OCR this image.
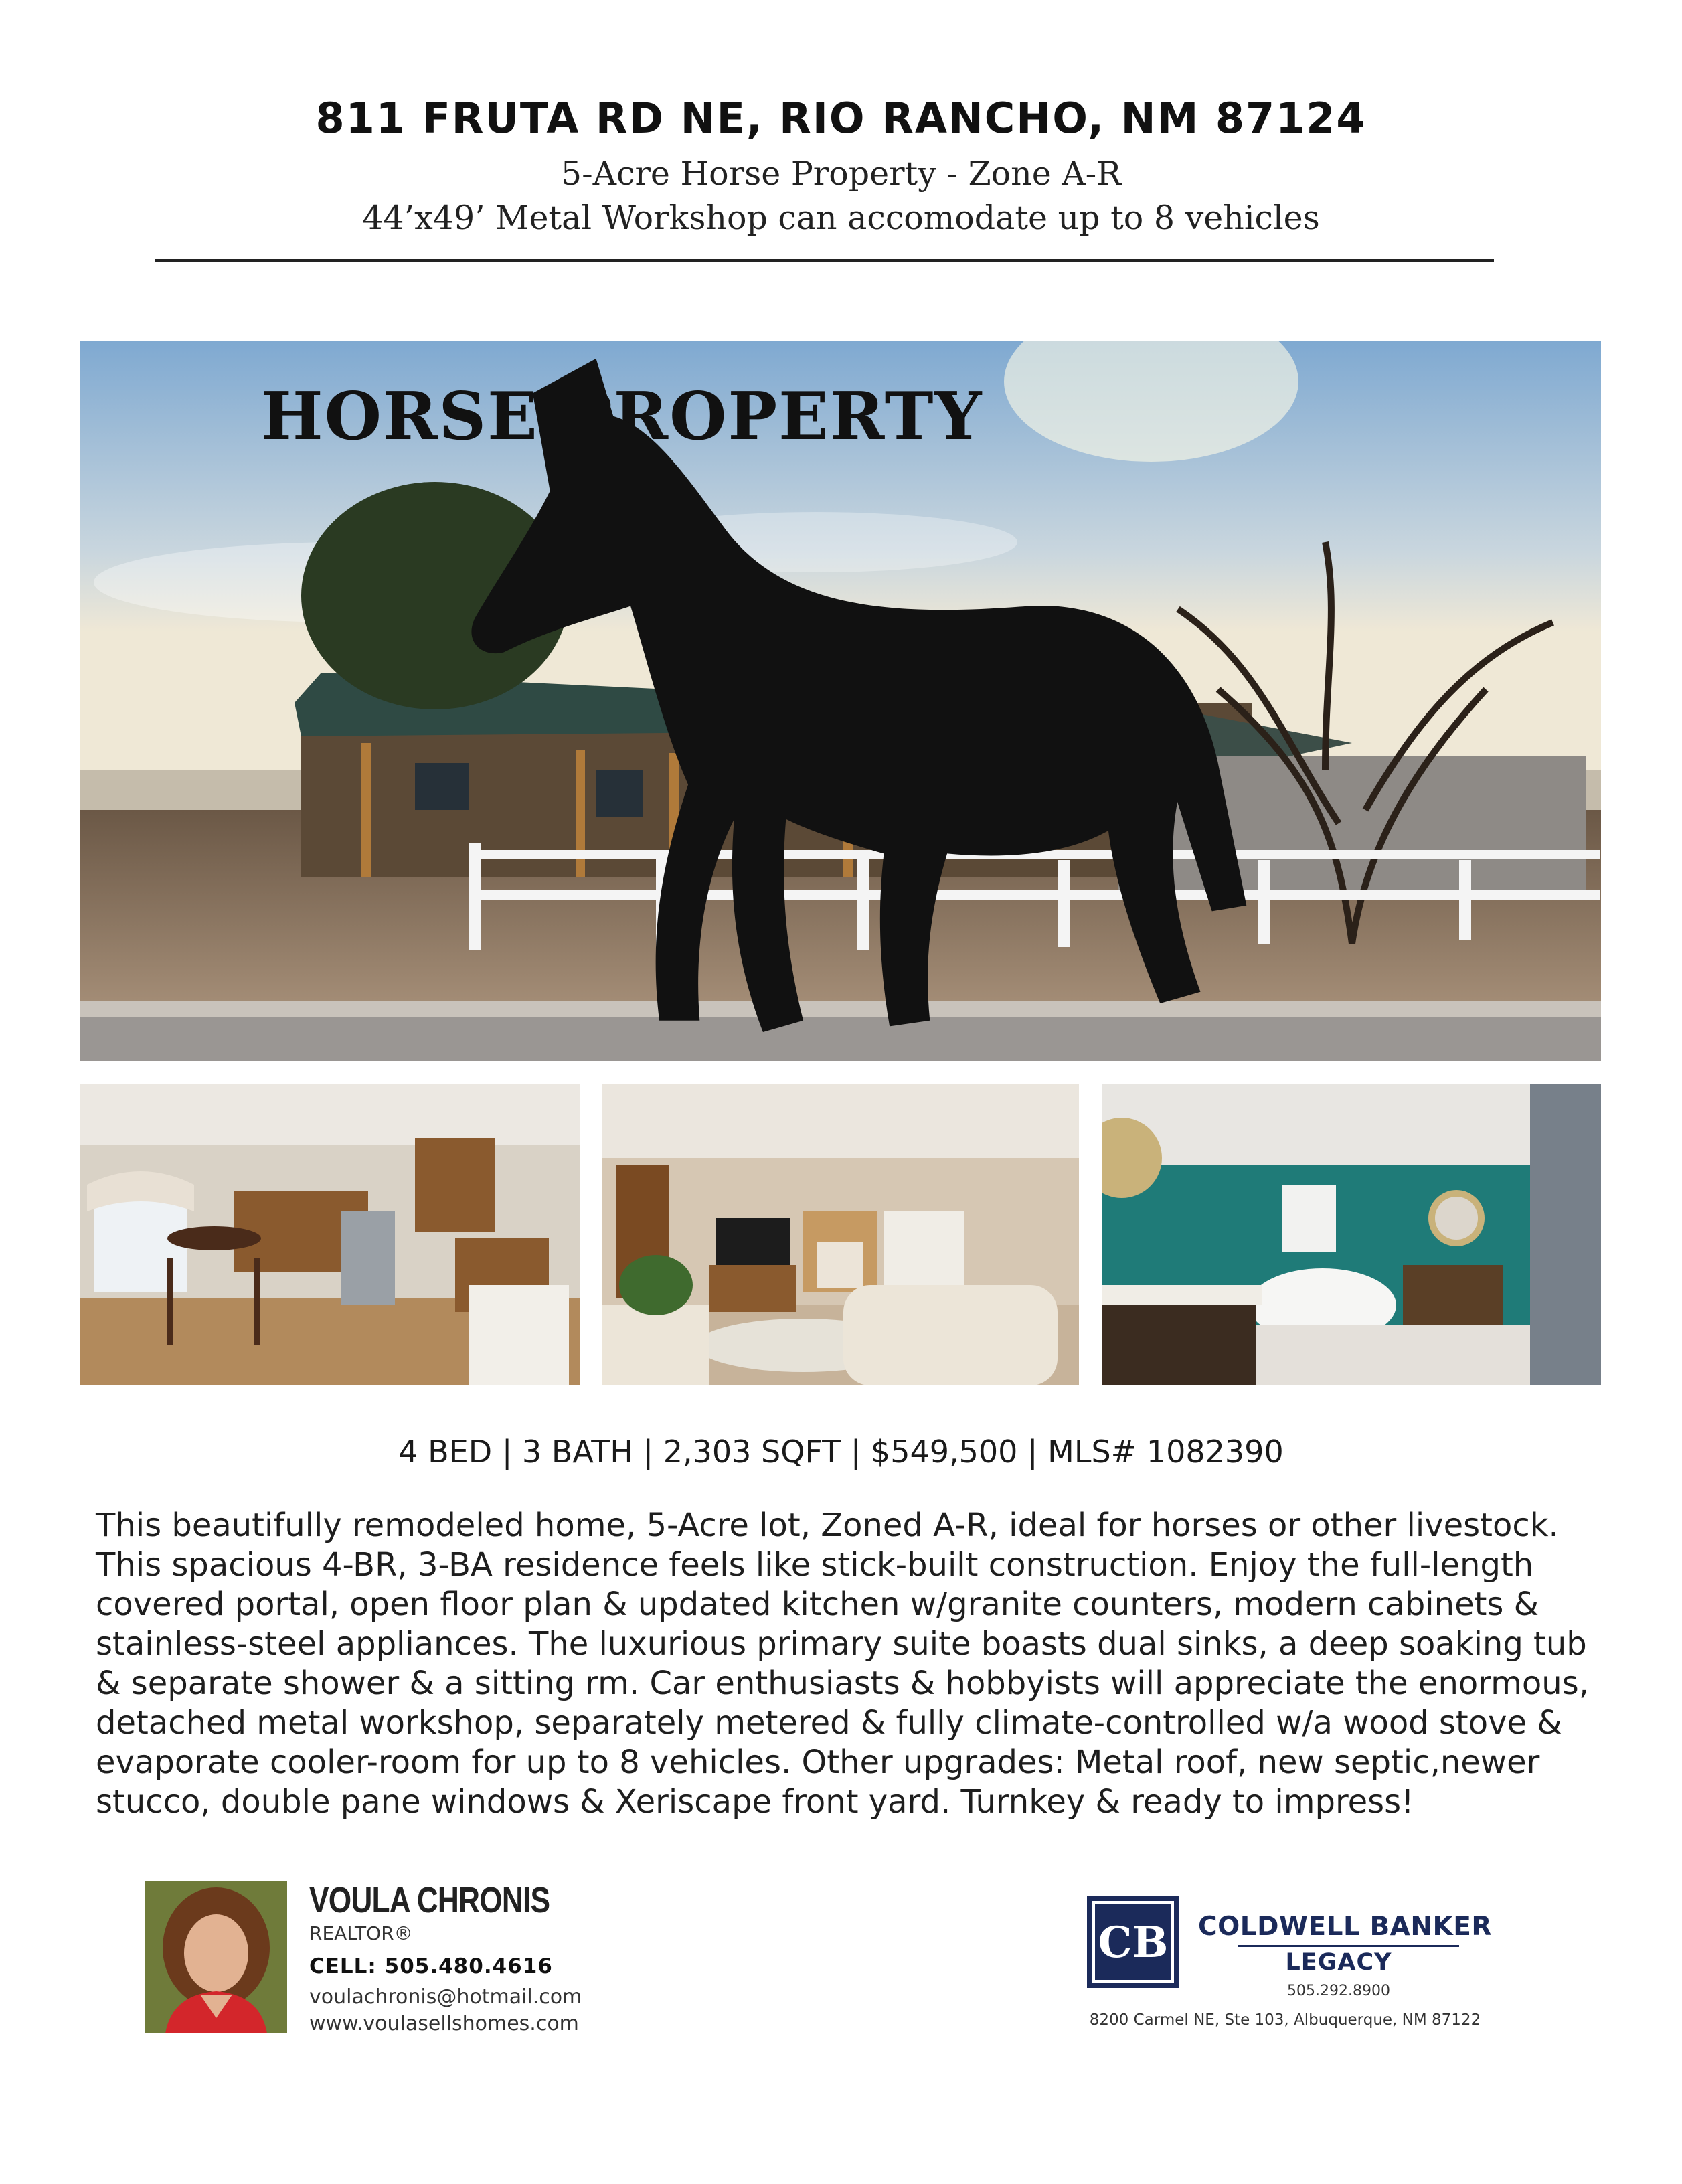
811 FRUTA RD NE, RIO RANCHO, NM 87124
5-Acre Horse Property - Zone A-R
44’x49’ Metal Workshop can accomodate up to 8 vehicles
HORSE PROPERTY
4 BED | 3 BATH | 2,303 SQFT | $549,500 | MLS# 1082390
This beautifully remodeled home, 5-Acre lot, Zoned A-R, ideal for horses or other livestock.
This spacious 4-BR, 3-BA residence feels like stick-built construction. Enjoy the full-length
covered portal, open floor plan & updated kitchen w/granite counters, modern cabinets &
stainless-steel appliances. The luxurious primary suite boasts dual sinks, a deep soaking tub
& separate shower & a sitting rm. Car enthusiasts & hobbyists will appreciate the enormous,
detached metal workshop, separately metered & fully climate-controlled w/a wood stove &
evaporate cooler-room for up to 8 vehicles. Other upgrades: Metal roof, new septic,newer
stucco, double pane windows & Xeriscape front yard. Turnkey & ready to impress!
VOULA CHRONIS
REALTOR®
CELL: 505.480.4616
voulachronis@hotmail.com
www.voulasellshomes.com
CB COLDWELL BANKER
LEGACY
505.292.8900
8200 Carmel NE, Ste 103, Albuquerque, NM 87122
